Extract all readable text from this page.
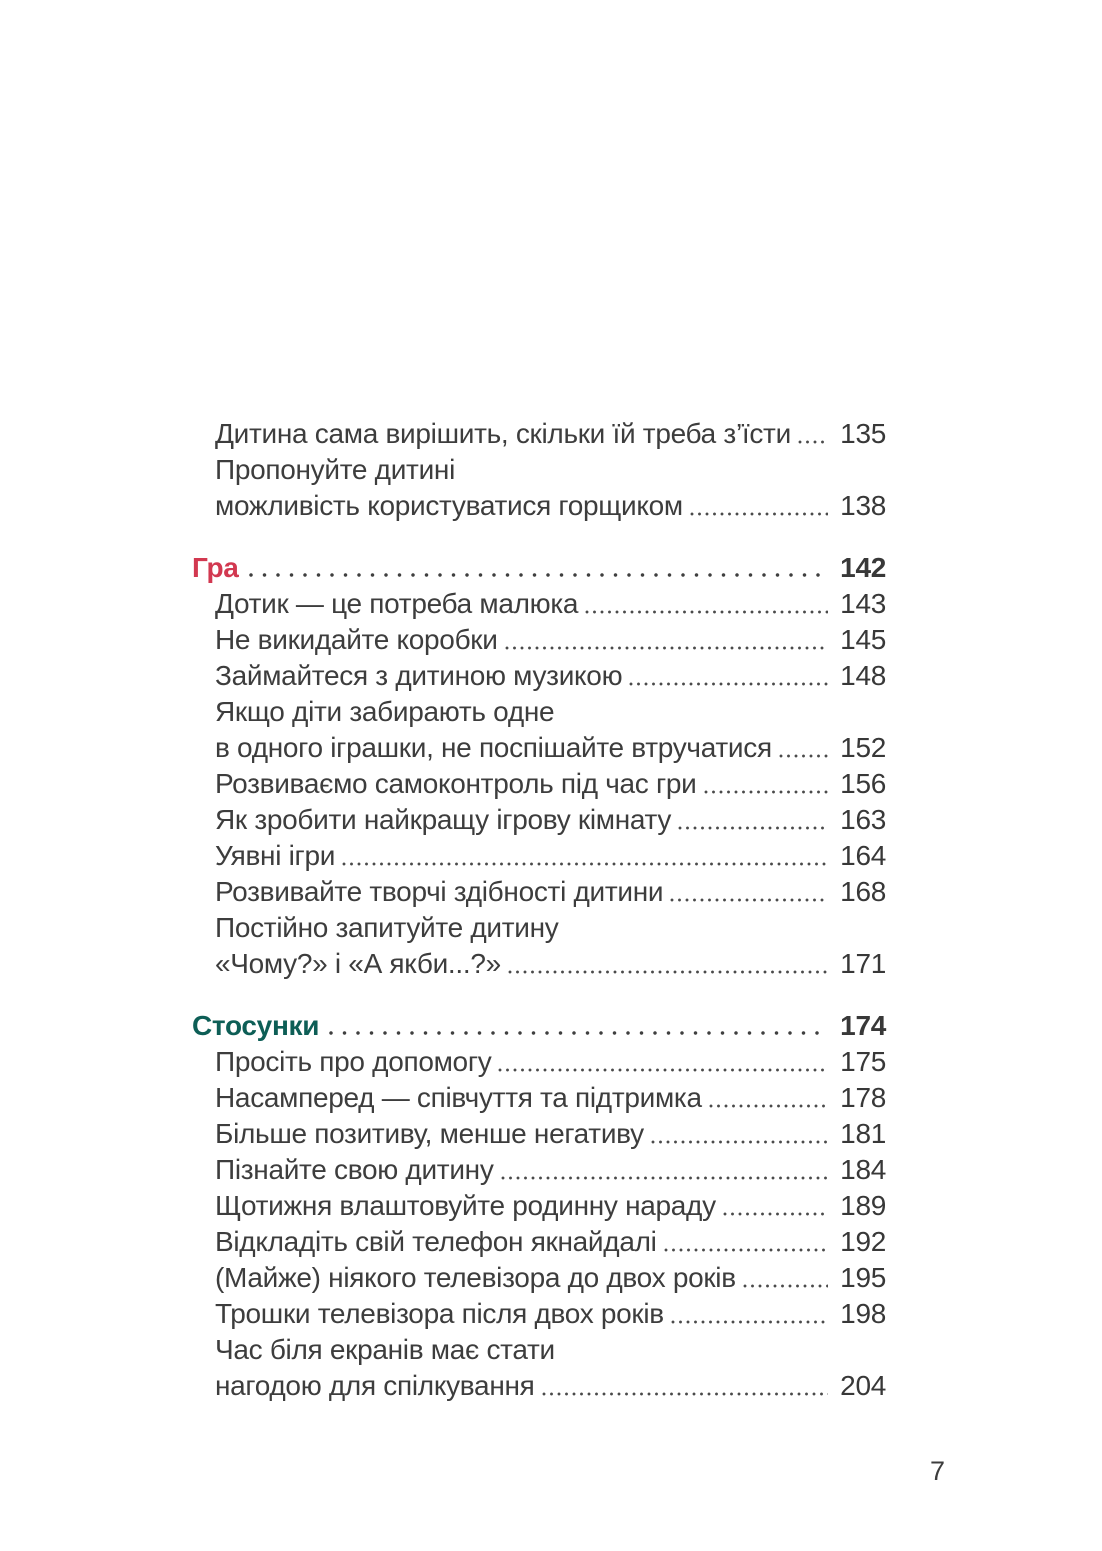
Дитина сама вирішить, скільки їй треба з’їсти 135
Пропонуйте дитині
можливість користуватися горщиком	138
Гра	142
Дотик — це потреба малюка	143
Не викидайте коробки	145
Займайтеся з дитиною музикою	148
Якщо діти забирають одне
в одного іграшки, не поспішайте втручатися 152
Розвиваємо самоконтроль під час гри	156
Як зробити найкращу ігрову кімнату	163
Уявні ігри	164
Розвивайте творчі здібності дитини	168
Постійно запитуйте дитину
«Чому?» і «А якби...?»	171
Стосунки	174
Просіть про допомогу	175
Насамперед — співчуття та підтримка	178
Більше позитиву, менше негативу	181
Пізнайте свою дитину	184
Щотижня влаштовуйте родинну нараду	189
Відкладіть свій телефон якнайдалі	192
(Майже) ніякого телевізора до двох років	195
Трошки телевізора після двох років	198
Час біля екранів має стати
нагодою для спілкування	204
7
